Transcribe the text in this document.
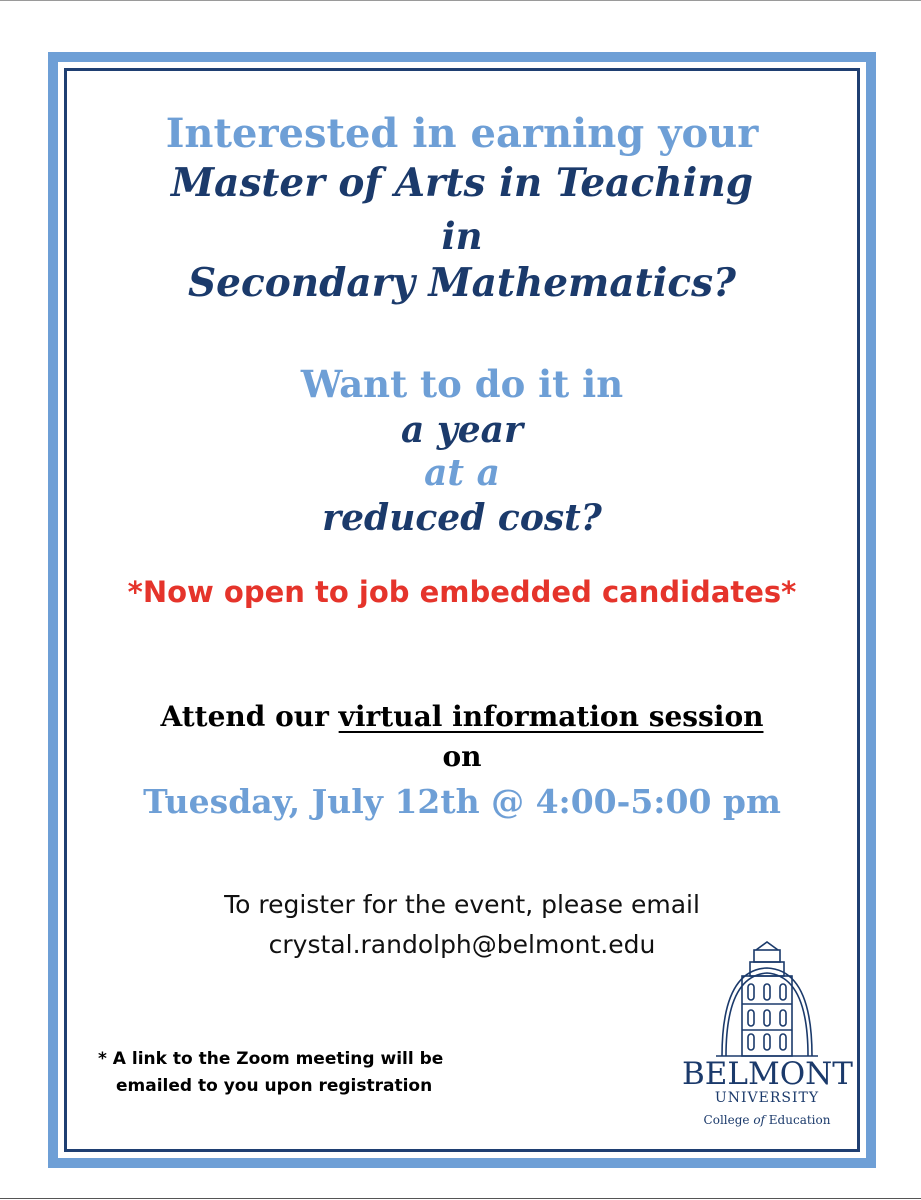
Interested in earning your
Master of Arts in Teaching
in
Secondary Mathematics?
Want to do it in
a year
at a
reduced cost?
*Now open to job embedded candidates*
Attend our virtual information session
on
Tuesday, July 12th @ 4:00-5:00 pm
To register for the event, please email
crystal.randolph@belmont.edu
* A link to the Zoom meeting will be
emailed to you upon registration	BELMONT
UNIVERSITY
College of Education
